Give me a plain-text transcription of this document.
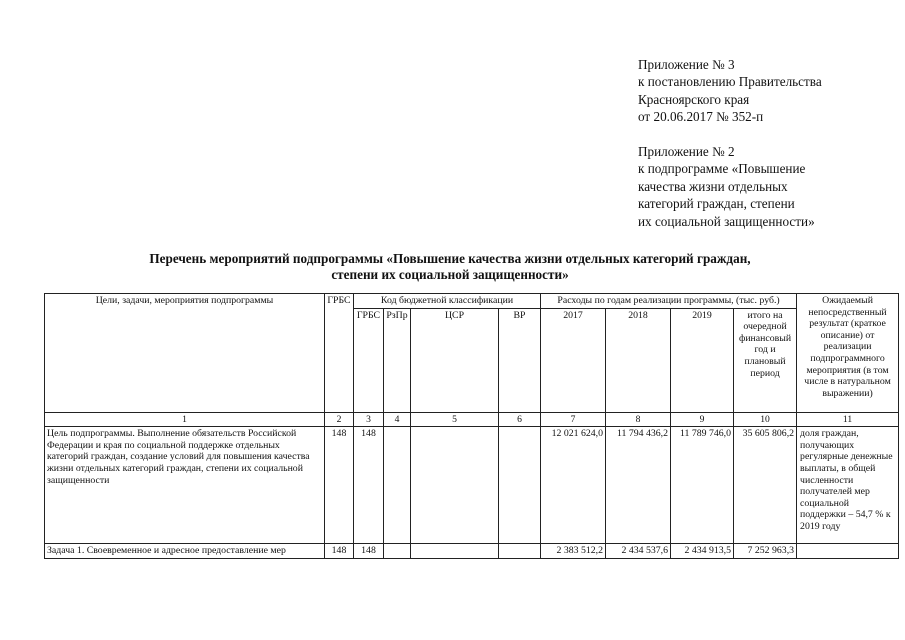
Приложение № 3
к постановлению Правительства
Красноярского края
от 20.06.2017 № 352-п
Приложение № 2
к подпрограмме «Повышение
качества жизни отдельных
категорий граждан, степени
их социальной защищенности»
Перечень мероприятий подпрограммы «Повышение качества жизни отдельных категорий граждан,
степени их социальной защищенности»
Цели, задачи, мероприятия подпрограммы	ГРБС	Код бюджетной классификации				Расходы по годам реализации программы, (тыс. руб.)				Ожидаемый непосредственный результат (краткое описание) от реализации подпрограммного мероприятия (в том числе в натуральном выражении)
		ГРБС	РзПр	ЦСР	ВР	2017	2018	2019	итого на очередной финансовый год и плановый период	
1	2	3	4	5	6	7	8	9	10	11
Цель подпрограммы. Выполнение обязательств Российской Федерации и края по социальной поддержке отдельных категорий граждан, создание условий для повышения качества жизни отдельных категорий граждан, степени их социальной защищенности	148	148				12 021 624,0	11 794 436,2	11 789 746,0	35 605 806,2	доля граждан, получающих регулярные денежные выплаты, в общей численности получателей мер социальной поддержки – 54,7 % к 2019 году
Задача 1. Своевременное и адресное предоставление мер	148	148				2 383 512,2	2 434 537,6	2 434 913,5	7 252 963,3	
